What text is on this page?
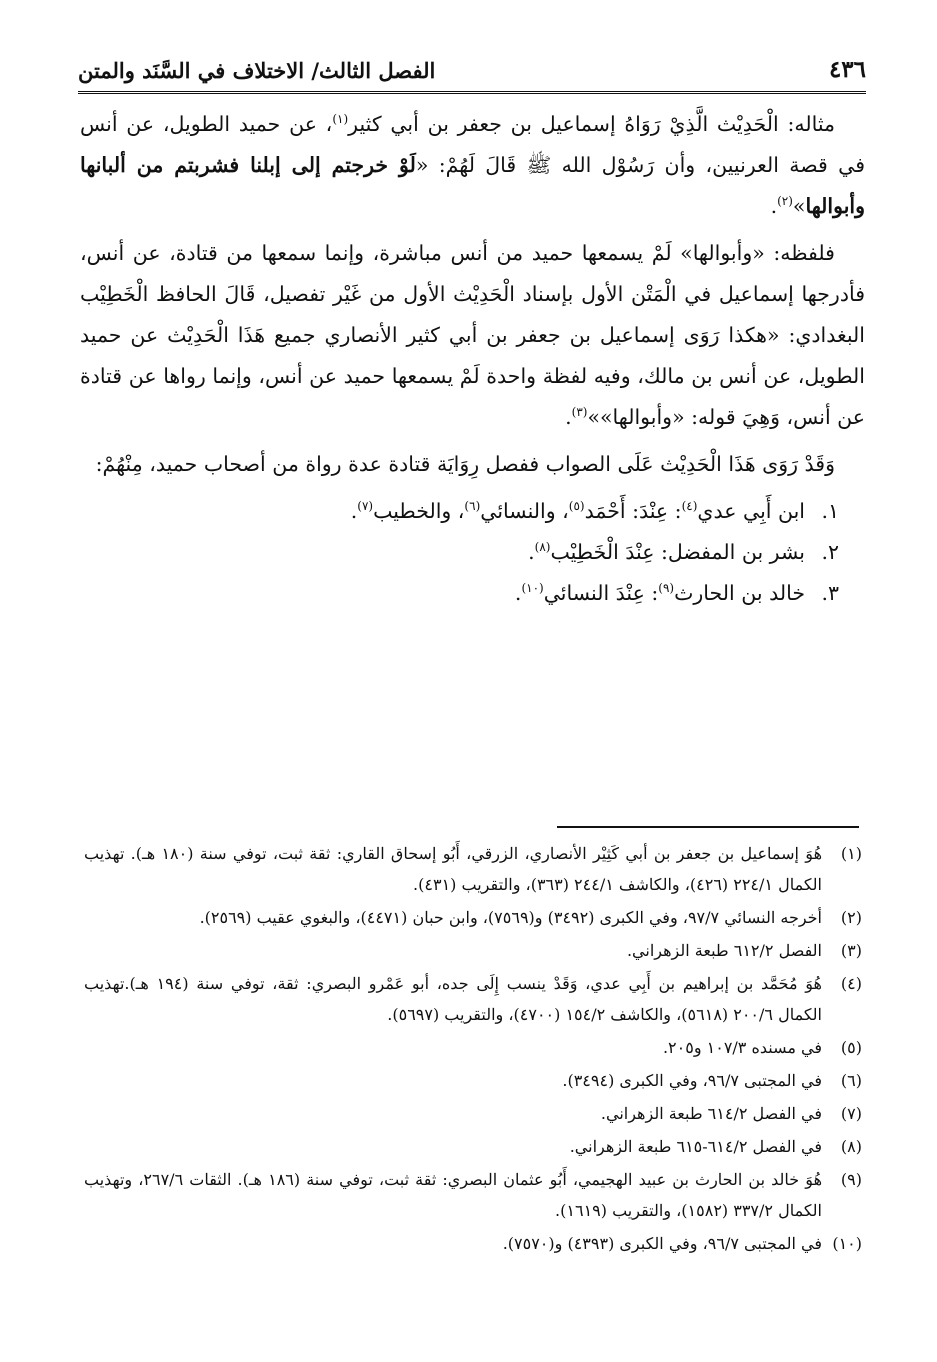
الفصل الثالث/ الاختلاف في السَّنَد والمتن	٤٣٦

مثاله: الْحَدِيْث الَّذِيْ رَوَاهُ إسماعيل بن جعفر بن أبي كثير$^{(١)}$، عن حميد الطويل، عن أنس في قصة العرنيين، وأن رَسُوْل الله ﷺ قَالَ لَهُمْ: «لَوْ خرجتم إلى إبلنا فشربتم من ألبانها وأبوالها»$^{(٢)}$.

فلفظه: «وأبوالها» لَمْ يسمعها حميد من أنس مباشرة، وإنما سمعها من قتادة، عن أنس، فأدرجها إسماعيل في الْمَتْن الأول بإسناد الْحَدِيْث الأول من غَيْر تفصيل، قَالَ الحافظ الْخَطِيْب البغدادي: «هكذا رَوَى إسماعيل بن جعفر بن أبي كثير الأنصاري جميع هَذَا الْحَدِيْث عن حميد الطويل، عن أنس بن مالك، وفيه لفظة واحدة لَمْ يسمعها حميد عن أنس، وإنما رواها عن قتادة عن أنس، وَهِيَ قوله: «وأبوالها»»$^{(٣)}$.

وَقَدْ رَوَى هَذَا الْحَدِيْث عَلَى الصواب ففصل رِوَايَة قتادة عدة رواة من أصحاب حميد، مِنْهُمْ:

١.
ابن أَبِي عدي$^{(٤)}$: عِنْدَ: أَحْمَد$^{(٥)}$، والنسائي$^{(٦)}$، والخطيب$^{(٧)}$.
٢.
بشر بن المفضل: عِنْدَ الْخَطِيْب$^{(٨)}$.
٣.
خالد بن الحارث$^{(٩)}$: عِنْدَ النسائي$^{(١٠)}$.
(١)
هُوَ إسماعيل بن جعفر بن أبي كَثِيْر الأنصاري، الزرقي، أَبُو إسحاق القاري: ثقة ثبت، توفي سنة (١٨٠ هـ). تهذيب الكمال ٢٢٤/١ (٤٢٦)، والكاشف ٢٤٤/١ (٣٦٣)، والتقريب (٤٣١).
(٢)
أخرجه النسائي ٩٧/٧، وفي الكبرى (٣٤٩٢) و(٧٥٦٩)، وابن حبان (٤٤٧١)، والبغوي عقيب (٢٥٦٩).
(٣)
الفصل ٦١٢/٢ طبعة الزهراني.
(٤)
هُوَ مُحَمَّد بن إبراهيم بن أَبِي عدي، وَقَدْ ينسب إِلَى جده، أبو عَمْرو البصري: ثقة، توفي سنة (١٩٤ هـ).تهذيب الكمال ٢٠٠/٦ (٥٦١٨)، والكاشف ١٥٤/٢ (٤٧٠٠)، والتقريب (٥٦٩٧).
(٥)
في مسنده ١٠٧/٣ و٢٠٥.
(٦)
في المجتبى ٩٦/٧، وفي الكبرى (٣٤٩٤).
(٧)
في الفصل ٦١٤/٢ طبعة الزهراني.
(٨)
في الفصل ٦١٤/٢-٦١٥ طبعة الزهراني.
(٩)
هُوَ خالد بن الحارث بن عبيد الهجيمي، أَبُو عثمان البصري: ثقة ثبت، توفي سنة (١٨٦ هـ). الثقات ٢٦٧/٦، وتهذيب الكمال ٣٣٧/٢ (١٥٨٢)، والتقريب (١٦١٩).
(١٠)
في المجتبى ٩٦/٧، وفي الكبرى (٤٣٩٣) و(٧٥٧٠).
